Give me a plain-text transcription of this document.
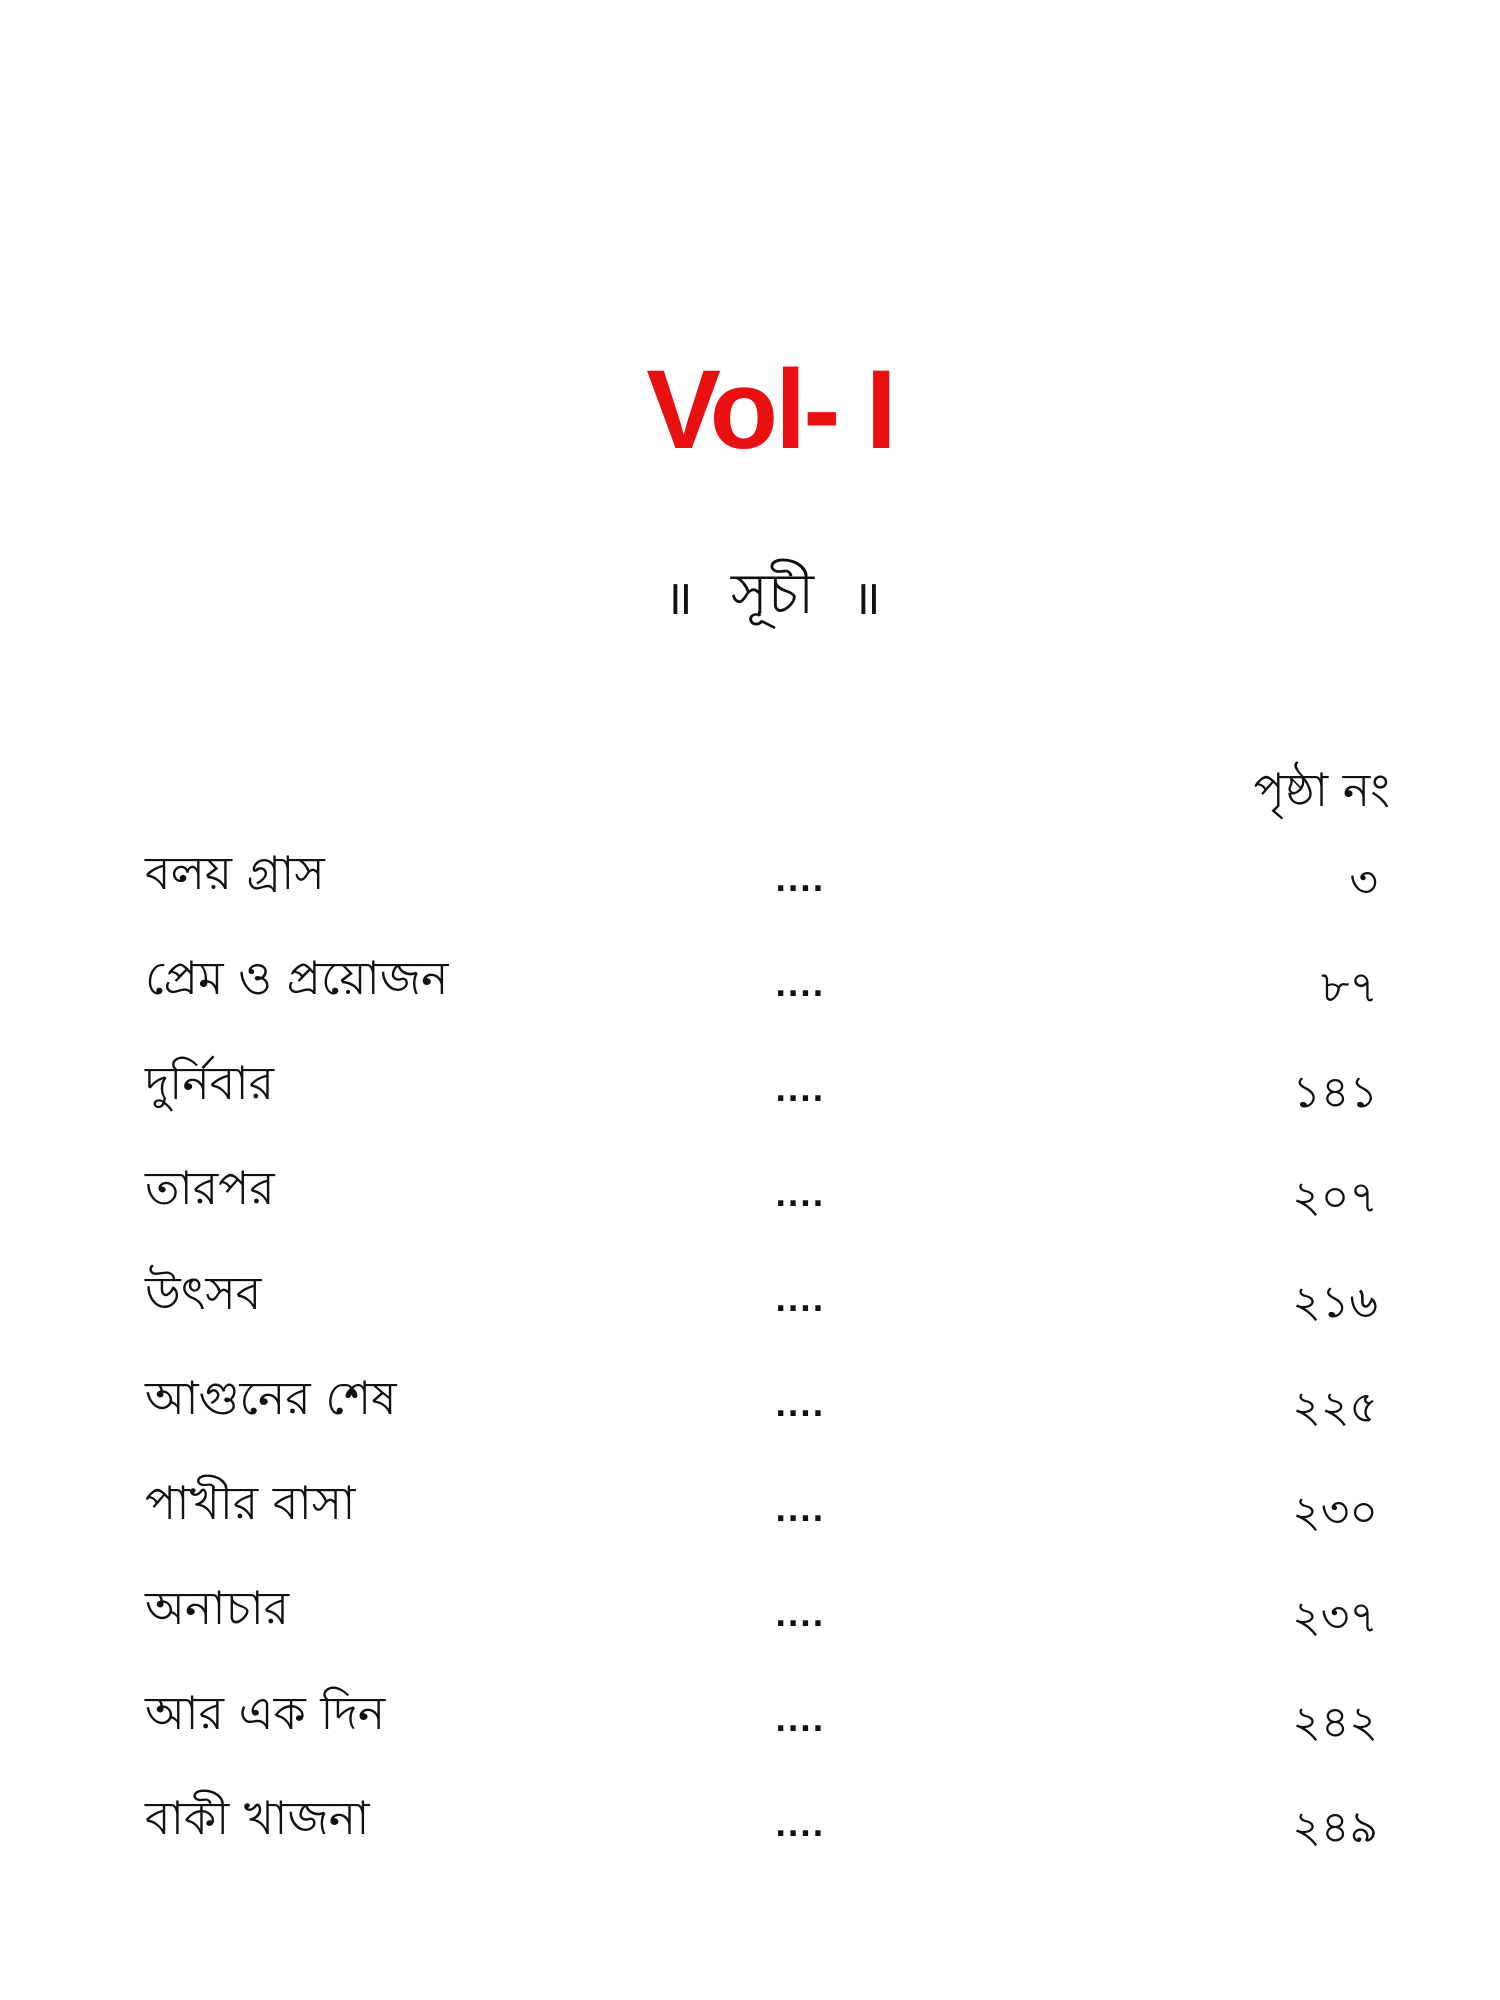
Vol- I
॥ সূচী ॥
পৃষ্ঠা নং
বলয় গ্রাস	....	৩
প্রেম ও প্রয়োজন	....	৮৭
দুর্নিবার	....	১৪১
তারপর	....	২০৭
উৎসব	....	২১৬
আগুনের শেষ	....	২২৫
পাখীর বাসা	....	২৩০
অনাচার	....	২৩৭
আর এক দিন	....	২৪২
বাকী খাজনা	....	২৪৯
